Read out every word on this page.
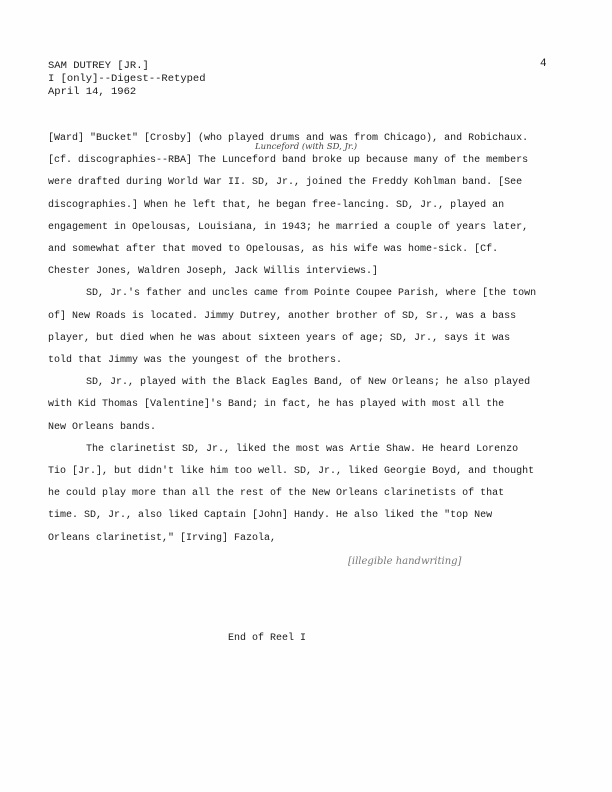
SAM DUTREY [JR.]
I [only]--Digest--Retyped
April 14, 1962
4
Lunceford (with SD, Jr.)
[Ward] "Bucket" [Crosby] (who played drums and was from Chicago), and Robichaux.
[cf. discographies--RBA] The Lunceford band broke up because many of the members
were drafted during World War II. SD, Jr., joined the Freddy Kohlman band. [See
discographies.] When he left that, he began free-lancing. SD, Jr., played an
engagement in Opelousas, Louisiana, in 1943; he married a couple of years later,
and somewhat after that moved to Opelousas, as his wife was home-sick. [Cf.
Chester Jones, Waldren Joseph, Jack Willis interviews.]
SD, Jr.'s father and uncles came from Pointe Coupee Parish, where [the town
of] New Roads is located. Jimmy Dutrey, another brother of SD, Sr., was a bass
player, but died when he was about sixteen years of age; SD, Jr., says it was
told that Jimmy was the youngest of the brothers.
SD, Jr., played with the Black Eagles Band, of New Orleans; he also played
with Kid Thomas [Valentine]'s Band; in fact, he has played with most all the
New Orleans bands.
The clarinetist SD, Jr., liked the most was Artie Shaw. He heard Lorenzo
Tio [Jr.], but didn't like him too well. SD, Jr., liked Georgie Boyd, and thought
he could play more than all the rest of the New Orleans clarinetists of that
time. SD, Jr., also liked Captain [John] Handy. He also liked the "top New
Orleans clarinetist," [Irving] Fazola,
[illegible handwriting]
End of Reel I
